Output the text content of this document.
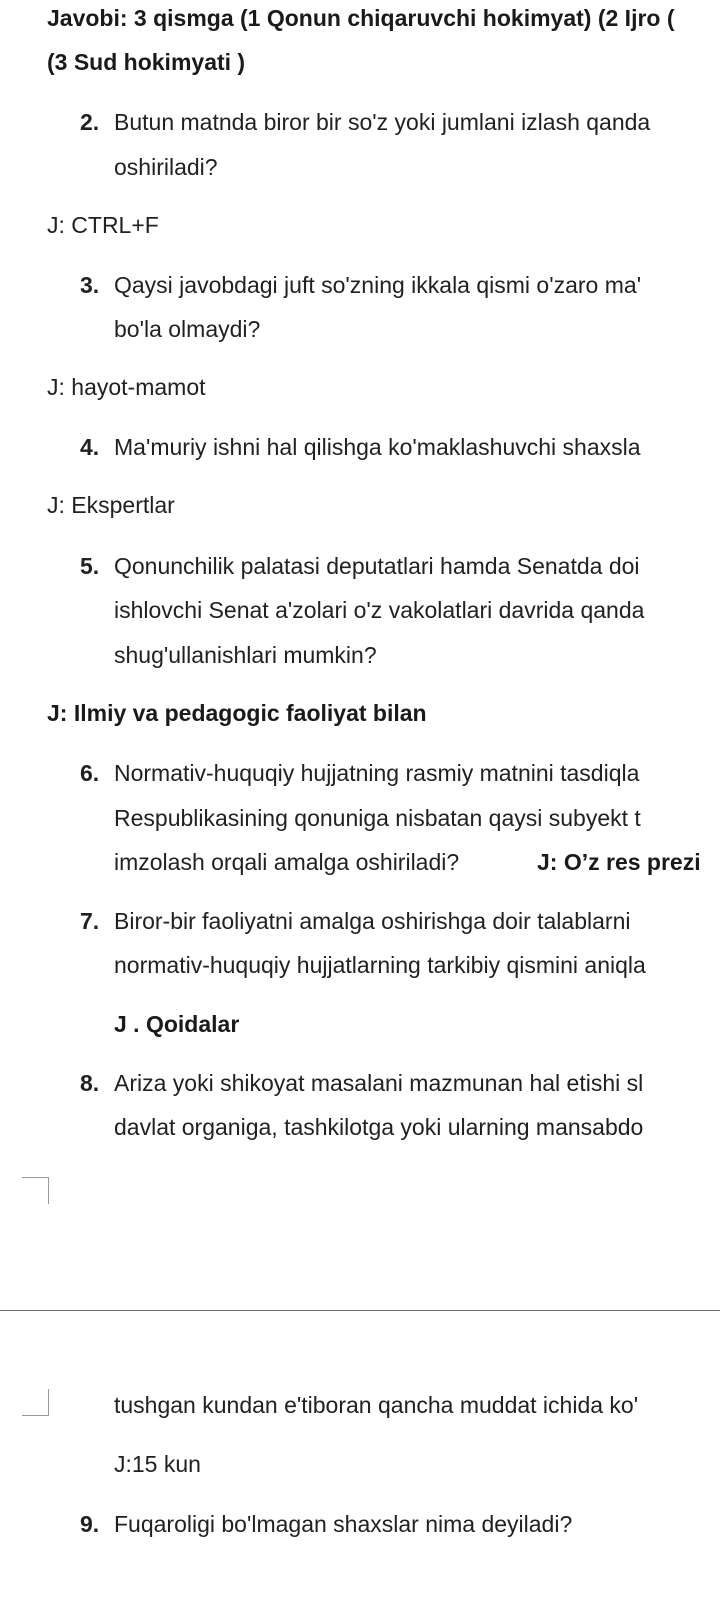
Javobi: 3 qismga (1 Qonun chiqaruvchi hokimyat) (2 Ijro (
(3 Sud hokimyati )
2. Butun matnda biror bir so'z yoki jumlani izlash qanda
oshiriladi?
J: CTRL+F
3. Qaysi javobdagi juft so'zning ikkala qismi o'zaro ma'
bo'la olmaydi?
J: hayot-mamot
4. Ma'muriy ishni hal qilishga ko'maklashuvchi shaxsla
J: Ekspertlar
5. Qonunchilik palatasi deputatlari hamda Senatda doi
ishlovchi Senat a'zolari o'z vakolatlari davrida qanda
shug'ullanishlari mumkin?
J: Ilmiy va pedagogic faoliyat bilan
6. Normativ-huquqiy hujjatning rasmiy matnini tasdiqla
Respublikasining qonuniga nisbatan qaysi subyekt t
imzolash orqali amalga oshiriladi?	J: O’z res prezi
7. Biror-bir faoliyatni amalga oshirishga doir talablarni
normativ-huquqiy hujjatlarning tarkibiy qismini aniqla
J . Qoidalar
8. Ariza yoki shikoyat masalani mazmunan hal etishi sl
davlat organiga, tashkilotga yoki ularning mansabdo
tushgan kundan e'tiboran qancha muddat ichida ko'
J:15 kun
9. Fuqaroligi bo'lmagan shaxslar nima deyiladi?
